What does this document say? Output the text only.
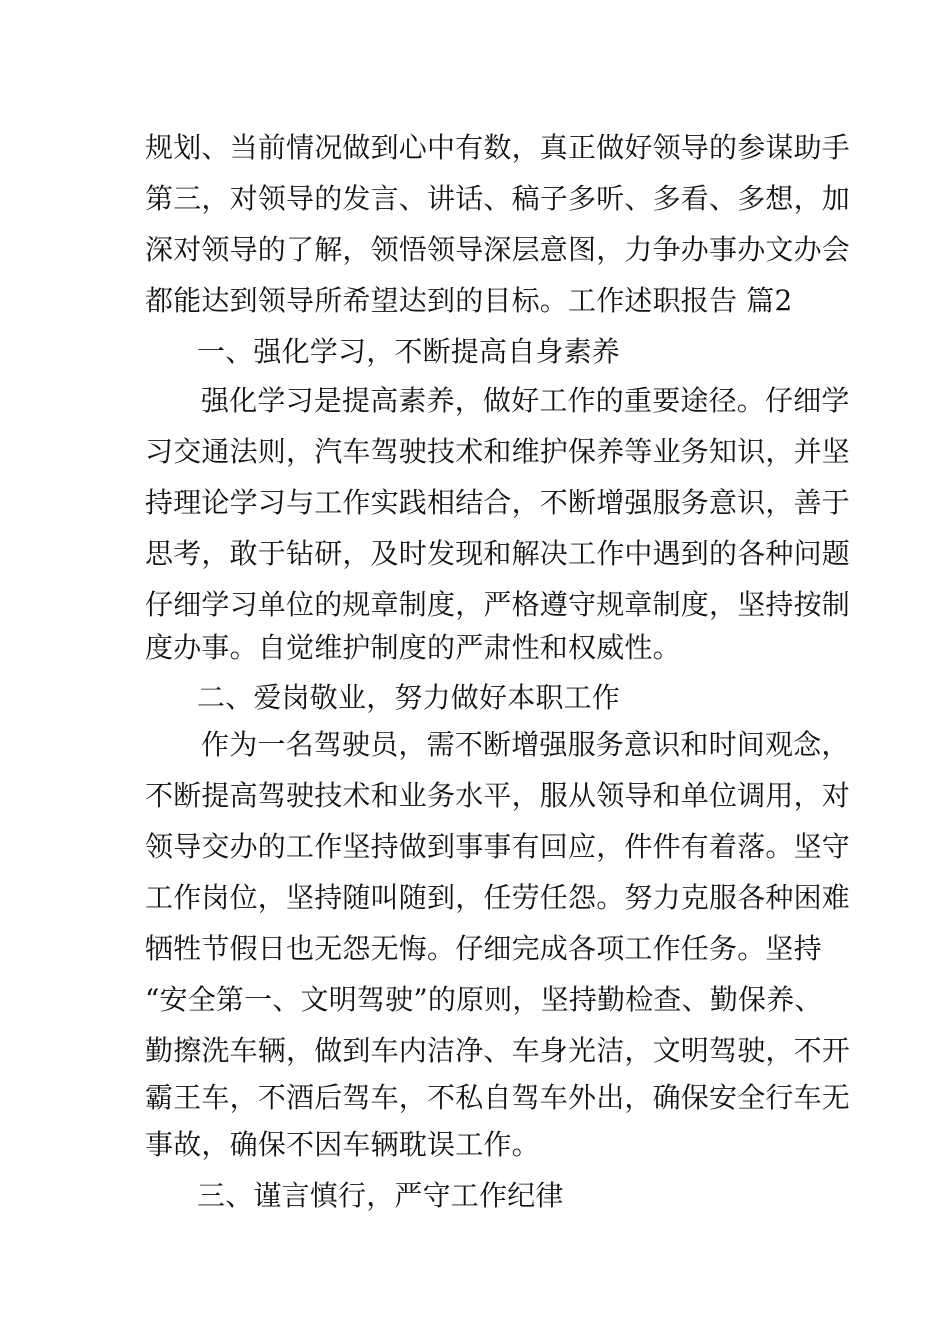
规划、当前情况做到心中有数，真正做好领导的参谋助手
第三，对领导的发言、讲话、稿子多听、多看、多想，加
深对领导的了解，领悟领导深层意图，力争办事办文办会
都能达到领导所希望达到的目标。工作述职报告 篇2
一、强化学习，不断提高自身素养
强化学习是提高素养，做好工作的重要途径。仔细学
习交通法则，汽车驾驶技术和维护保养等业务知识，并坚
持理论学习与工作实践相结合，不断增强服务意识，善于
思考，敢于钻研，及时发现和解决工作中遇到的各种问题
仔细学习单位的规章制度，严格遵守规章制度，坚持按制
度办事。自觉维护制度的严肃性和权威性。
二、爱岗敬业，努力做好本职工作
作为一名驾驶员，需不断增强服务意识和时间观念，
不断提高驾驶技术和业务水平，服从领导和单位调用，对
领导交办的工作坚持做到事事有回应，件件有着落。坚守
工作岗位，坚持随叫随到，任劳任怨。努力克服各种困难
牺牲节假日也无怨无悔。仔细完成各项工作任务。坚持
“安全第一、文明驾驶”的原则，坚持勤检查、勤保养、
勤擦洗车辆，做到车内洁净、车身光洁，文明驾驶，不开
霸王车，不酒后驾车，不私自驾车外出，确保安全行车无
事故，确保不因车辆耽误工作。
三、谨言慎行，严守工作纪律
